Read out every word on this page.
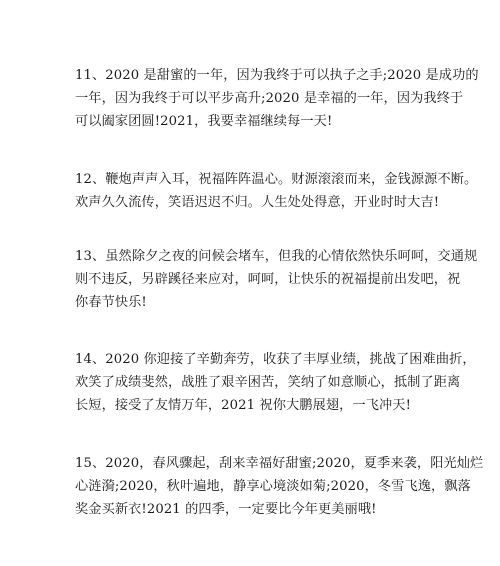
11、2020 是甜蜜的一年，因为我终于可以执子之手;2020 是成功的
一年，因为我终于可以平步高升;2020 是幸福的一年，因为我终于
可以阖家团圆!2021，我要幸福继续每一天!
12、鞭炮声声入耳，祝福阵阵温心。财源滚滚而来，金钱源源不断。
欢声久久流传，笑语迟迟不归。人生处处得意，开业时时大吉!
13、虽然除夕之夜的问候会堵车，但我的心情依然快乐呵呵，交通规
则不违反，另辟蹊径来应对，呵呵，让快乐的祝福提前出发吧，祝
你春节快乐!
14、2020 你迎接了辛勤奔劳，收获了丰厚业绩，挑战了困难曲折，
欢笑了成绩斐然，战胜了艰辛困苦，笑纳了如意顺心，抵制了距离
长短，接受了友情万年，2021 祝你大鹏展翅，一飞冲天!
15、2020，春风骤起，刮来幸福好甜蜜;2020，夏季来袭，阳光灿烂
心涟漪;2020，秋叶遍地，静享心境淡如菊;2020，冬雪飞逸，飘落
奖金买新衣!2021 的四季，一定要比今年更美丽哦!
